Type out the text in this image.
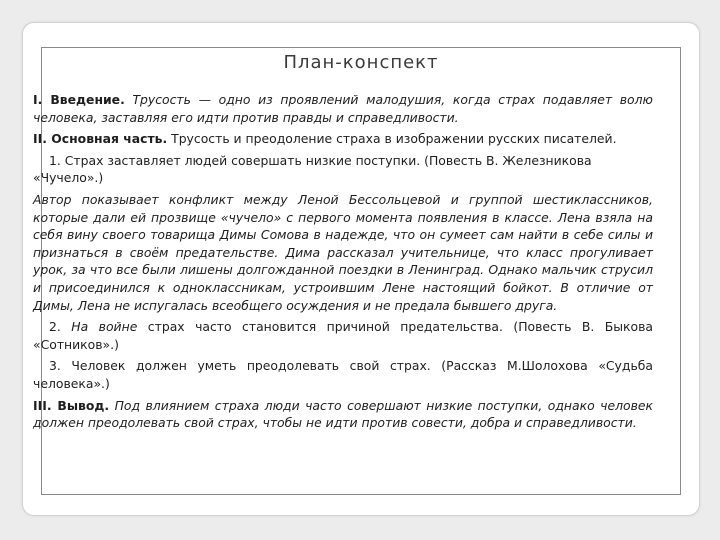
План-конспект

I. Введение. Трусость — одно из проявлений малодушия, когда страх подавляет волю человека, заставляя его идти против правды и справедливости.

II. Основная часть. Трусость и преодоление страха в изображении русских писателей.

1. Страх заставляет людей совершать низкие поступки. (Повесть В. Железникова «Чучело».)

Автор показывает конфликт между Леной Бессольцевой и группой шестиклассников, которые дали ей прозвище «чучело» с первого момента появления в классе. Лена взяла на себя вину своего товарища Димы Сомова в надежде, что он сумеет сам найти в себе силы и признаться в своём предательстве. Дима рассказал учительнице, что класс прогуливает урок, за что все были лишены долгожданной поездки в Ленинград. Однако мальчик струсил и присоединился к одноклассникам, устроившим Лене настоящий бойкот. В отличие от Димы, Лена не испугалась всеобщего осуждения и не предала бывшего друга.

2. На войне страх часто становится причиной предательства. (Повесть В. Быкова «Сотников».)

3. Человек должен уметь преодолевать свой страх. (Рассказ М.Шолохова «Судьба человека».)

III. Вывод. Под влиянием страха люди часто совершают низкие поступки, однако человек должен преодолевать свой страх, чтобы не идти против совести, добра и справедливости.
